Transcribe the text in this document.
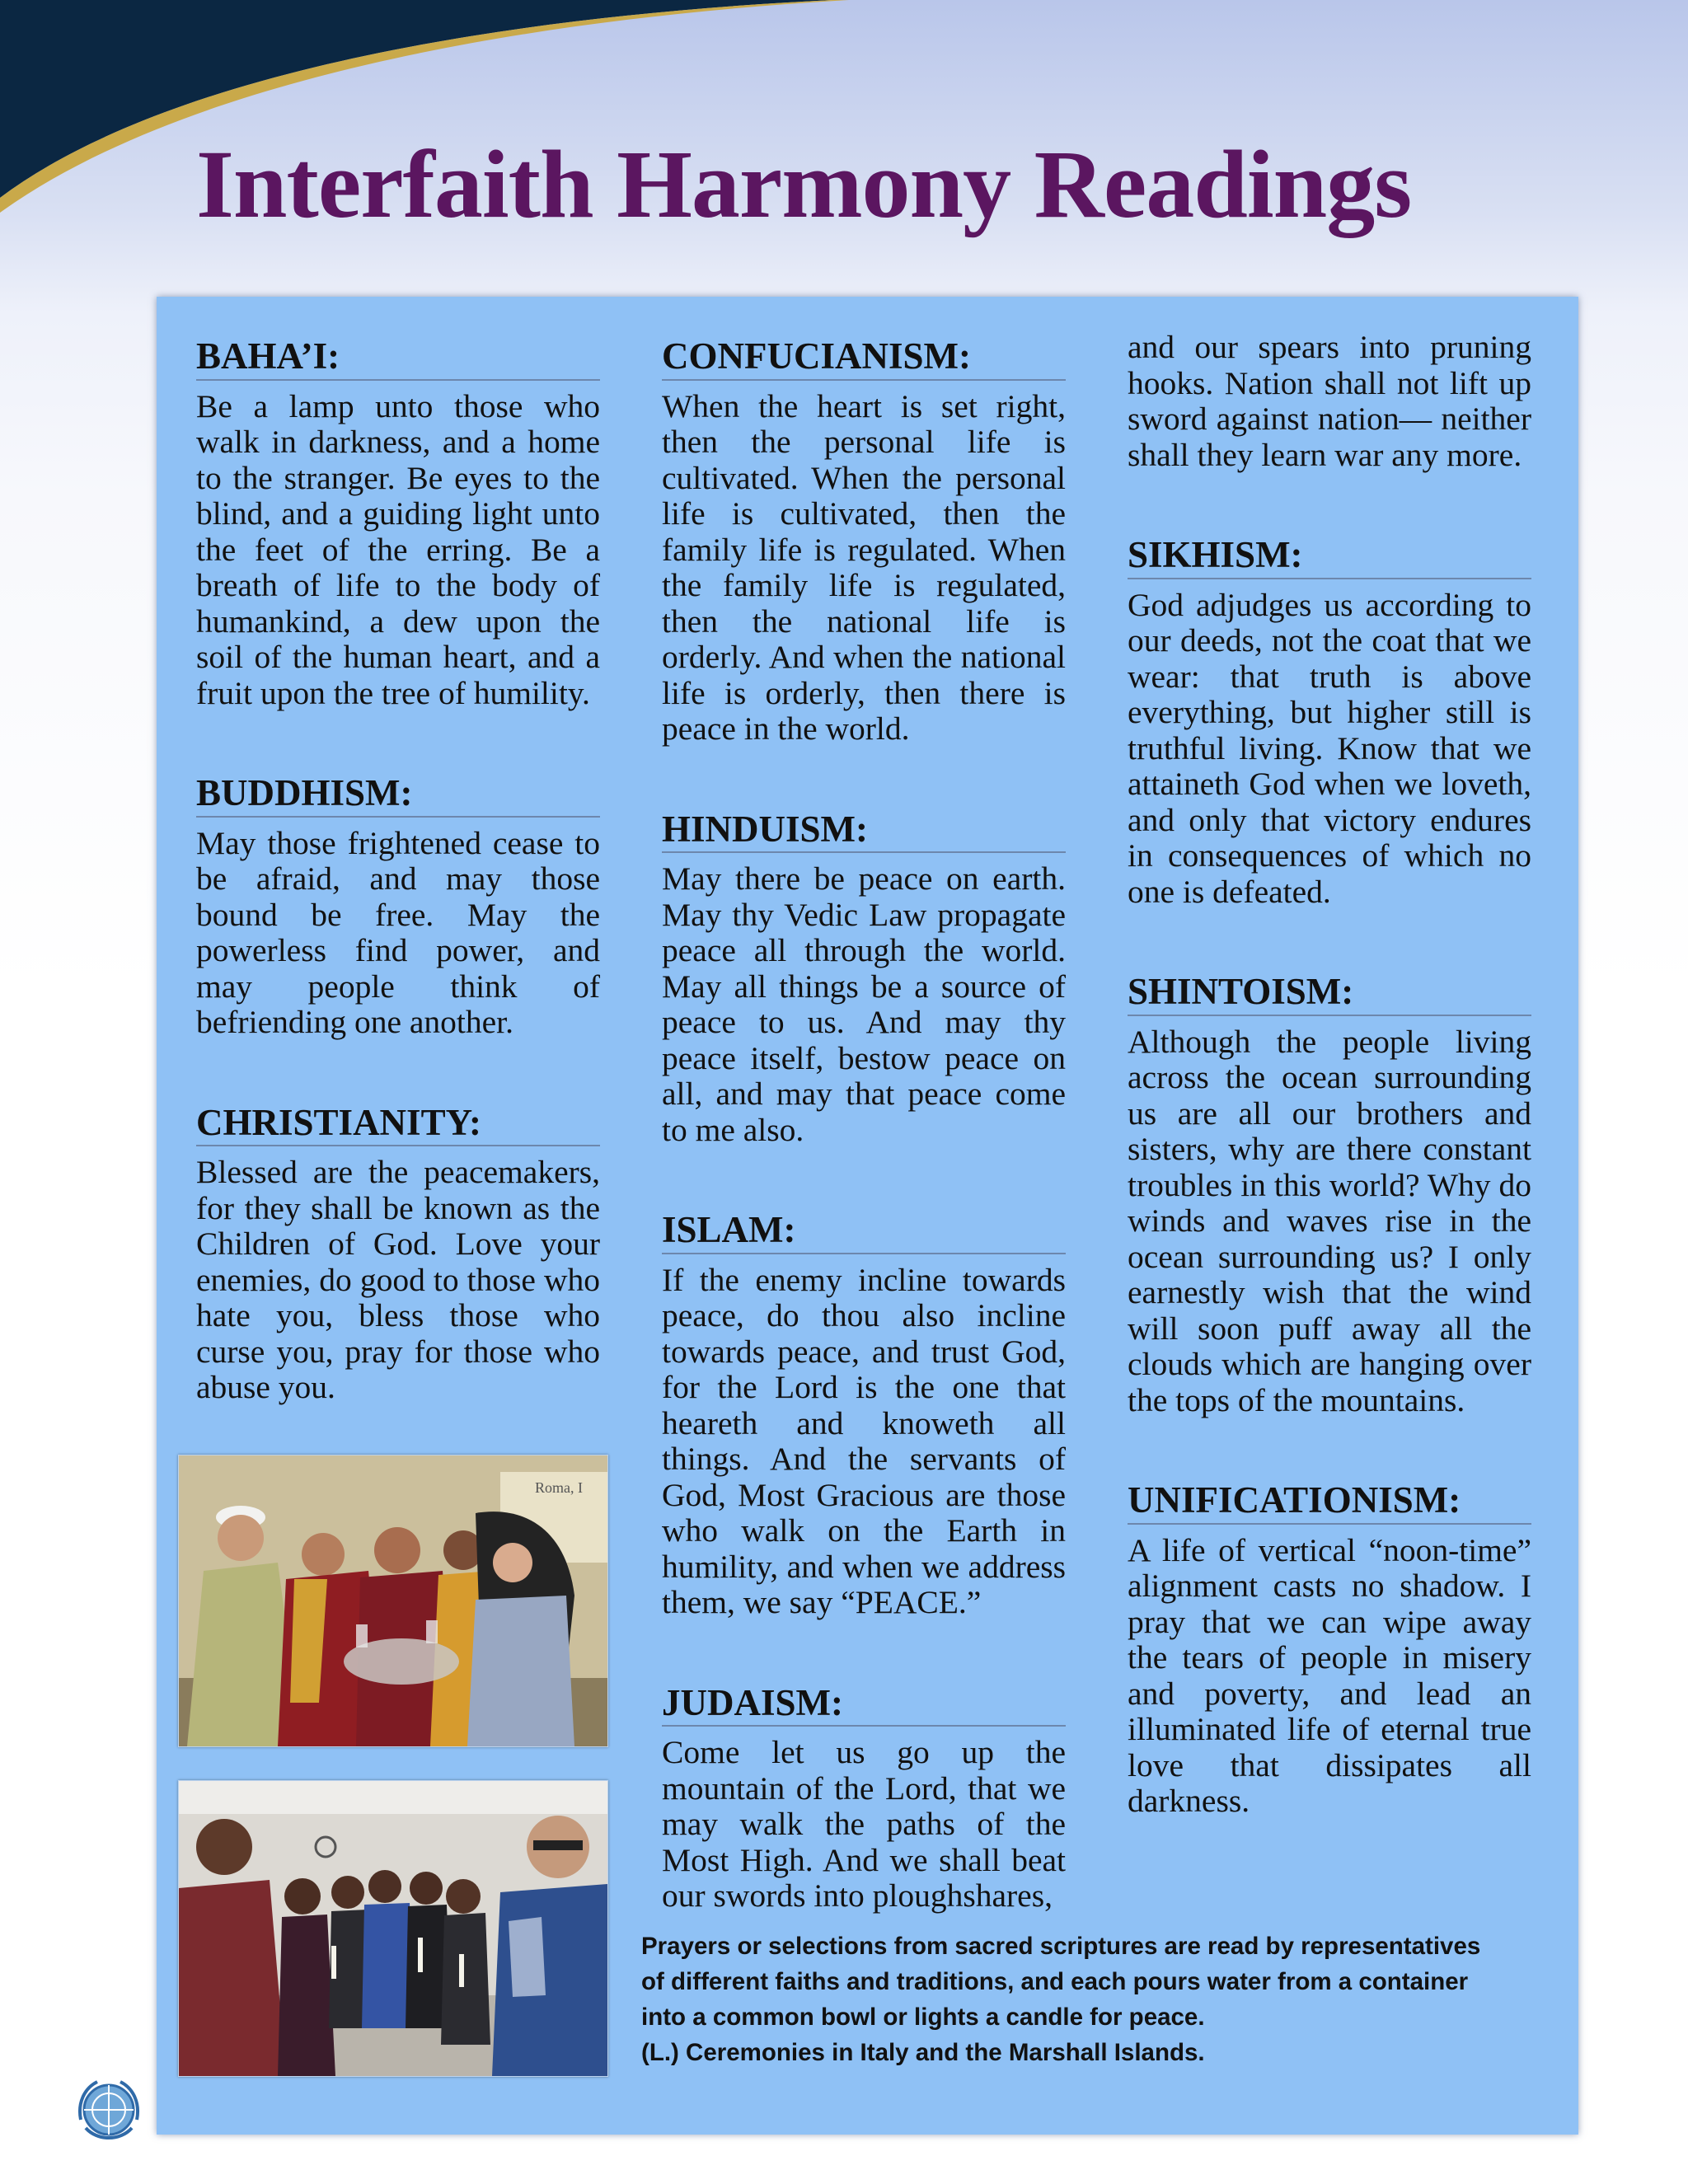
Interfaith Harmony Readings
BAHA’I:

Be a lamp unto those who walk in darkness, and a home to the stranger. Be eyes to the blind, and a guiding light unto the feet of the erring. Be a breath of life to the body of humankind, a dew upon the soil of the human heart, and a fruit upon the tree of humility.

BUDDHISM:

May those frightened cease to be afraid, and may those bound be free. May the powerless find power, and may people think of befriending one another.

CHRISTIANITY:

Blessed are the peacemakers, for they shall be known as the Children of God. Love your enemies, do good to those who hate you, bless those who curse you, pray for those who abuse you.

CONFUCIANISM:

When the heart is set right, then the personal life is cultivated. When the personal life is cultivated, then the family life is regulated. When the family life is regulated, then the national life is orderly. And when the national life is orderly, then there is peace in the world.

HINDUISM:

May there be peace on earth. May thy Vedic Law propagate peace all through the world. May all things be a source of peace to us. And may thy peace itself, bestow peace on all, and may that peace come to me also.

ISLAM:

If the enemy incline towards peace, do thou also incline towards peace, and trust God, for the Lord is the one that heareth and knoweth all things. And the servants of God, Most Gracious are those who walk on the Earth in humility, and when we address them, we say “PEACE.”

JUDAISM:

Come let us go up the mountain of the Lord, that we may walk the paths of the Most High. And we shall beat our swords into ploughshares,

and our spears into pruning hooks. Nation shall not lift up sword against nation— neither shall they learn war any more.

SIKHISM:

God adjudges us according to our deeds, not the coat that we wear: that truth is above everything, but higher still is truthful living. Know that we attaineth God when we loveth, and only that victory endures in consequences of which no one is defeated.

SHINTOISM:

Although the people living across the ocean surrounding us are all our brothers and sisters, why are there constant troubles in this world? Why do winds and waves rise in the ocean surrounding us? I only earnestly wish that the wind will soon puff away all the clouds which are hanging over the tops of the mountains.

UNIFICATIONISM:

A life of vertical “noon-time” alignment casts no shadow. I pray that we can wipe away the tears of people in misery and poverty, and lead an illuminated life of eternal true love that dissipates all darkness.

Roma, I

Prayers or selections from sacred scriptures are read by representatives

of different faiths and traditions, and each pours water from a container

into a common bowl or lights a candle for peace.

(L.) Ceremonies in Italy and the Marshall Islands.
